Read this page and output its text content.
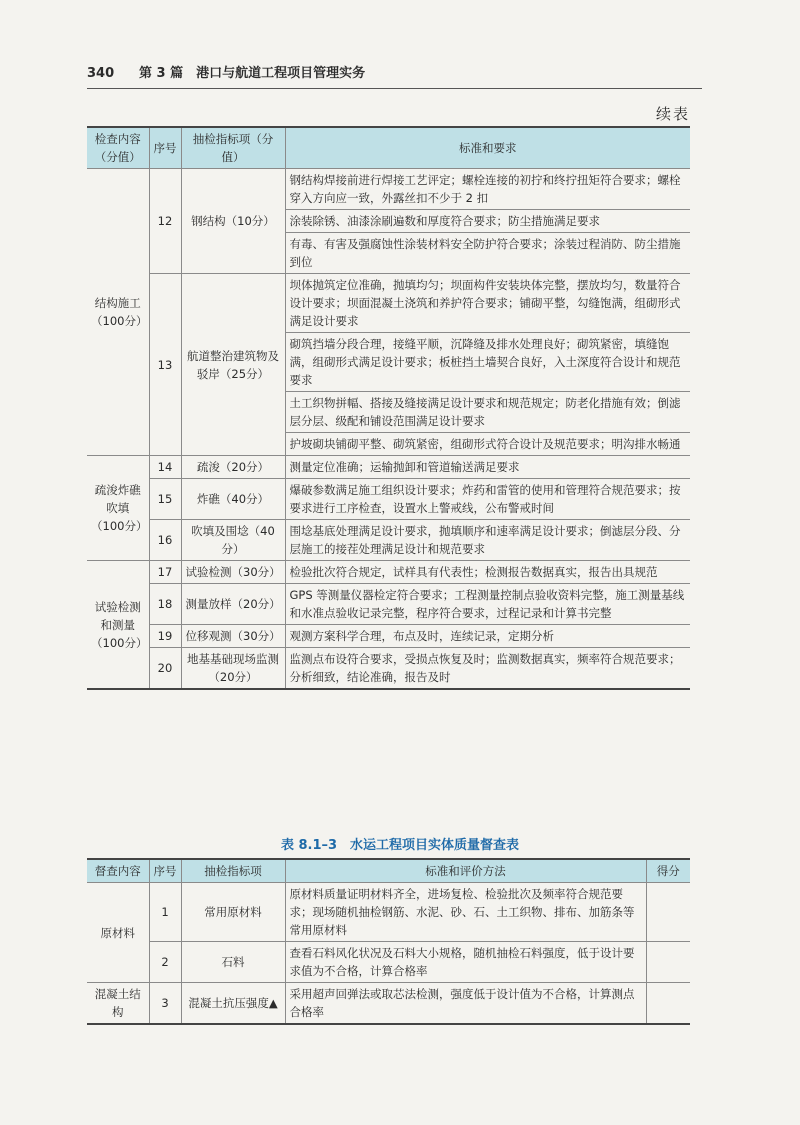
340 第 3 篇　港口与航道工程项目管理实务
续表
检查内容（分值）	序号	抽检指标项（分值）	标准和要求
结构施工（100分）	12	钢结构（10分）	钢结构焊接前进行焊接工艺评定；螺栓连接的初拧和终拧扭矩符合要求；螺栓穿入方向应一致，外露丝扣不少于 2 扣
			涂装除锈、油漆涂刷遍数和厚度符合要求；防尘措施满足要求
			有毒、有害及强腐蚀性涂装材料安全防护符合要求；涂装过程消防、防尘措施到位
	13	航道整治建筑物及驳岸（25分）	坝体抛筑定位准确，抛填均匀；坝面构件安装块体完整，摆放均匀，数量符合设计要求；坝面混凝土浇筑和养护符合要求；铺砌平整，勾缝饱满，组砌形式满足设计要求
			砌筑挡墙分段合理，接缝平顺，沉降缝及排水处理良好；砌筑紧密，填缝饱满，组砌形式满足设计要求；板桩挡土墙契合良好，入土深度符合设计和规范要求
			土工织物拼幅、搭接及缝接满足设计要求和规范规定；防老化措施有效；倒滤层分层、级配和铺设范围满足设计要求
			护坡砌块铺砌平整、砌筑紧密，组砌形式符合设计及规范要求；明沟排水畅通
疏浚炸礁吹填（100分）	14	疏浚（20分）	测量定位准确；运输抛卸和管道输送满足要求
	15	炸礁（40分）	爆破参数满足施工组织设计要求；炸药和雷管的使用和管理符合规范要求；按要求进行工序检查，设置水上警戒线，公布警戒时间
	16	吹填及围埝（40分）	围埝基底处理满足设计要求，抛填顺序和速率满足设计要求；倒滤层分段、分层施工的接茬处理满足设计和规范要求
试验检测和测量（100分）	17	试验检测（30分）	检验批次符合规定，试样具有代表性；检测报告数据真实，报告出具规范
	18	测量放样（20分）	GPS 等测量仪器检定符合要求；工程测量控制点验收资料完整，施工测量基线和水准点验收记录完整，程序符合要求，过程记录和计算书完整
	19	位移观测（30分）	观测方案科学合理，布点及时，连续记录，定期分析
	20	地基基础现场监测（20分）	监测点布设符合要求，受损点恢复及时；监测数据真实，频率符合规范要求；分析细致，结论准确，报告及时
表 8.1–3　水运工程项目实体质量督查表
督查内容	序号	抽检指标项	标准和评价方法	得分
原材料	1	常用原材料	原材料质量证明材料齐全，进场复检、检验批次及频率符合规范要求；现场随机抽检钢筋、水泥、砂、石、土工织物、排布、加筋条等常用原材料	
	2	石料	查看石料风化状况及石料大小规格，随机抽检石料强度，低于设计要求值为不合格，计算合格率	
混凝土结构	3	混凝土抗压强度▲	采用超声回弹法或取芯法检测，强度低于设计值为不合格，计算测点合格率	
